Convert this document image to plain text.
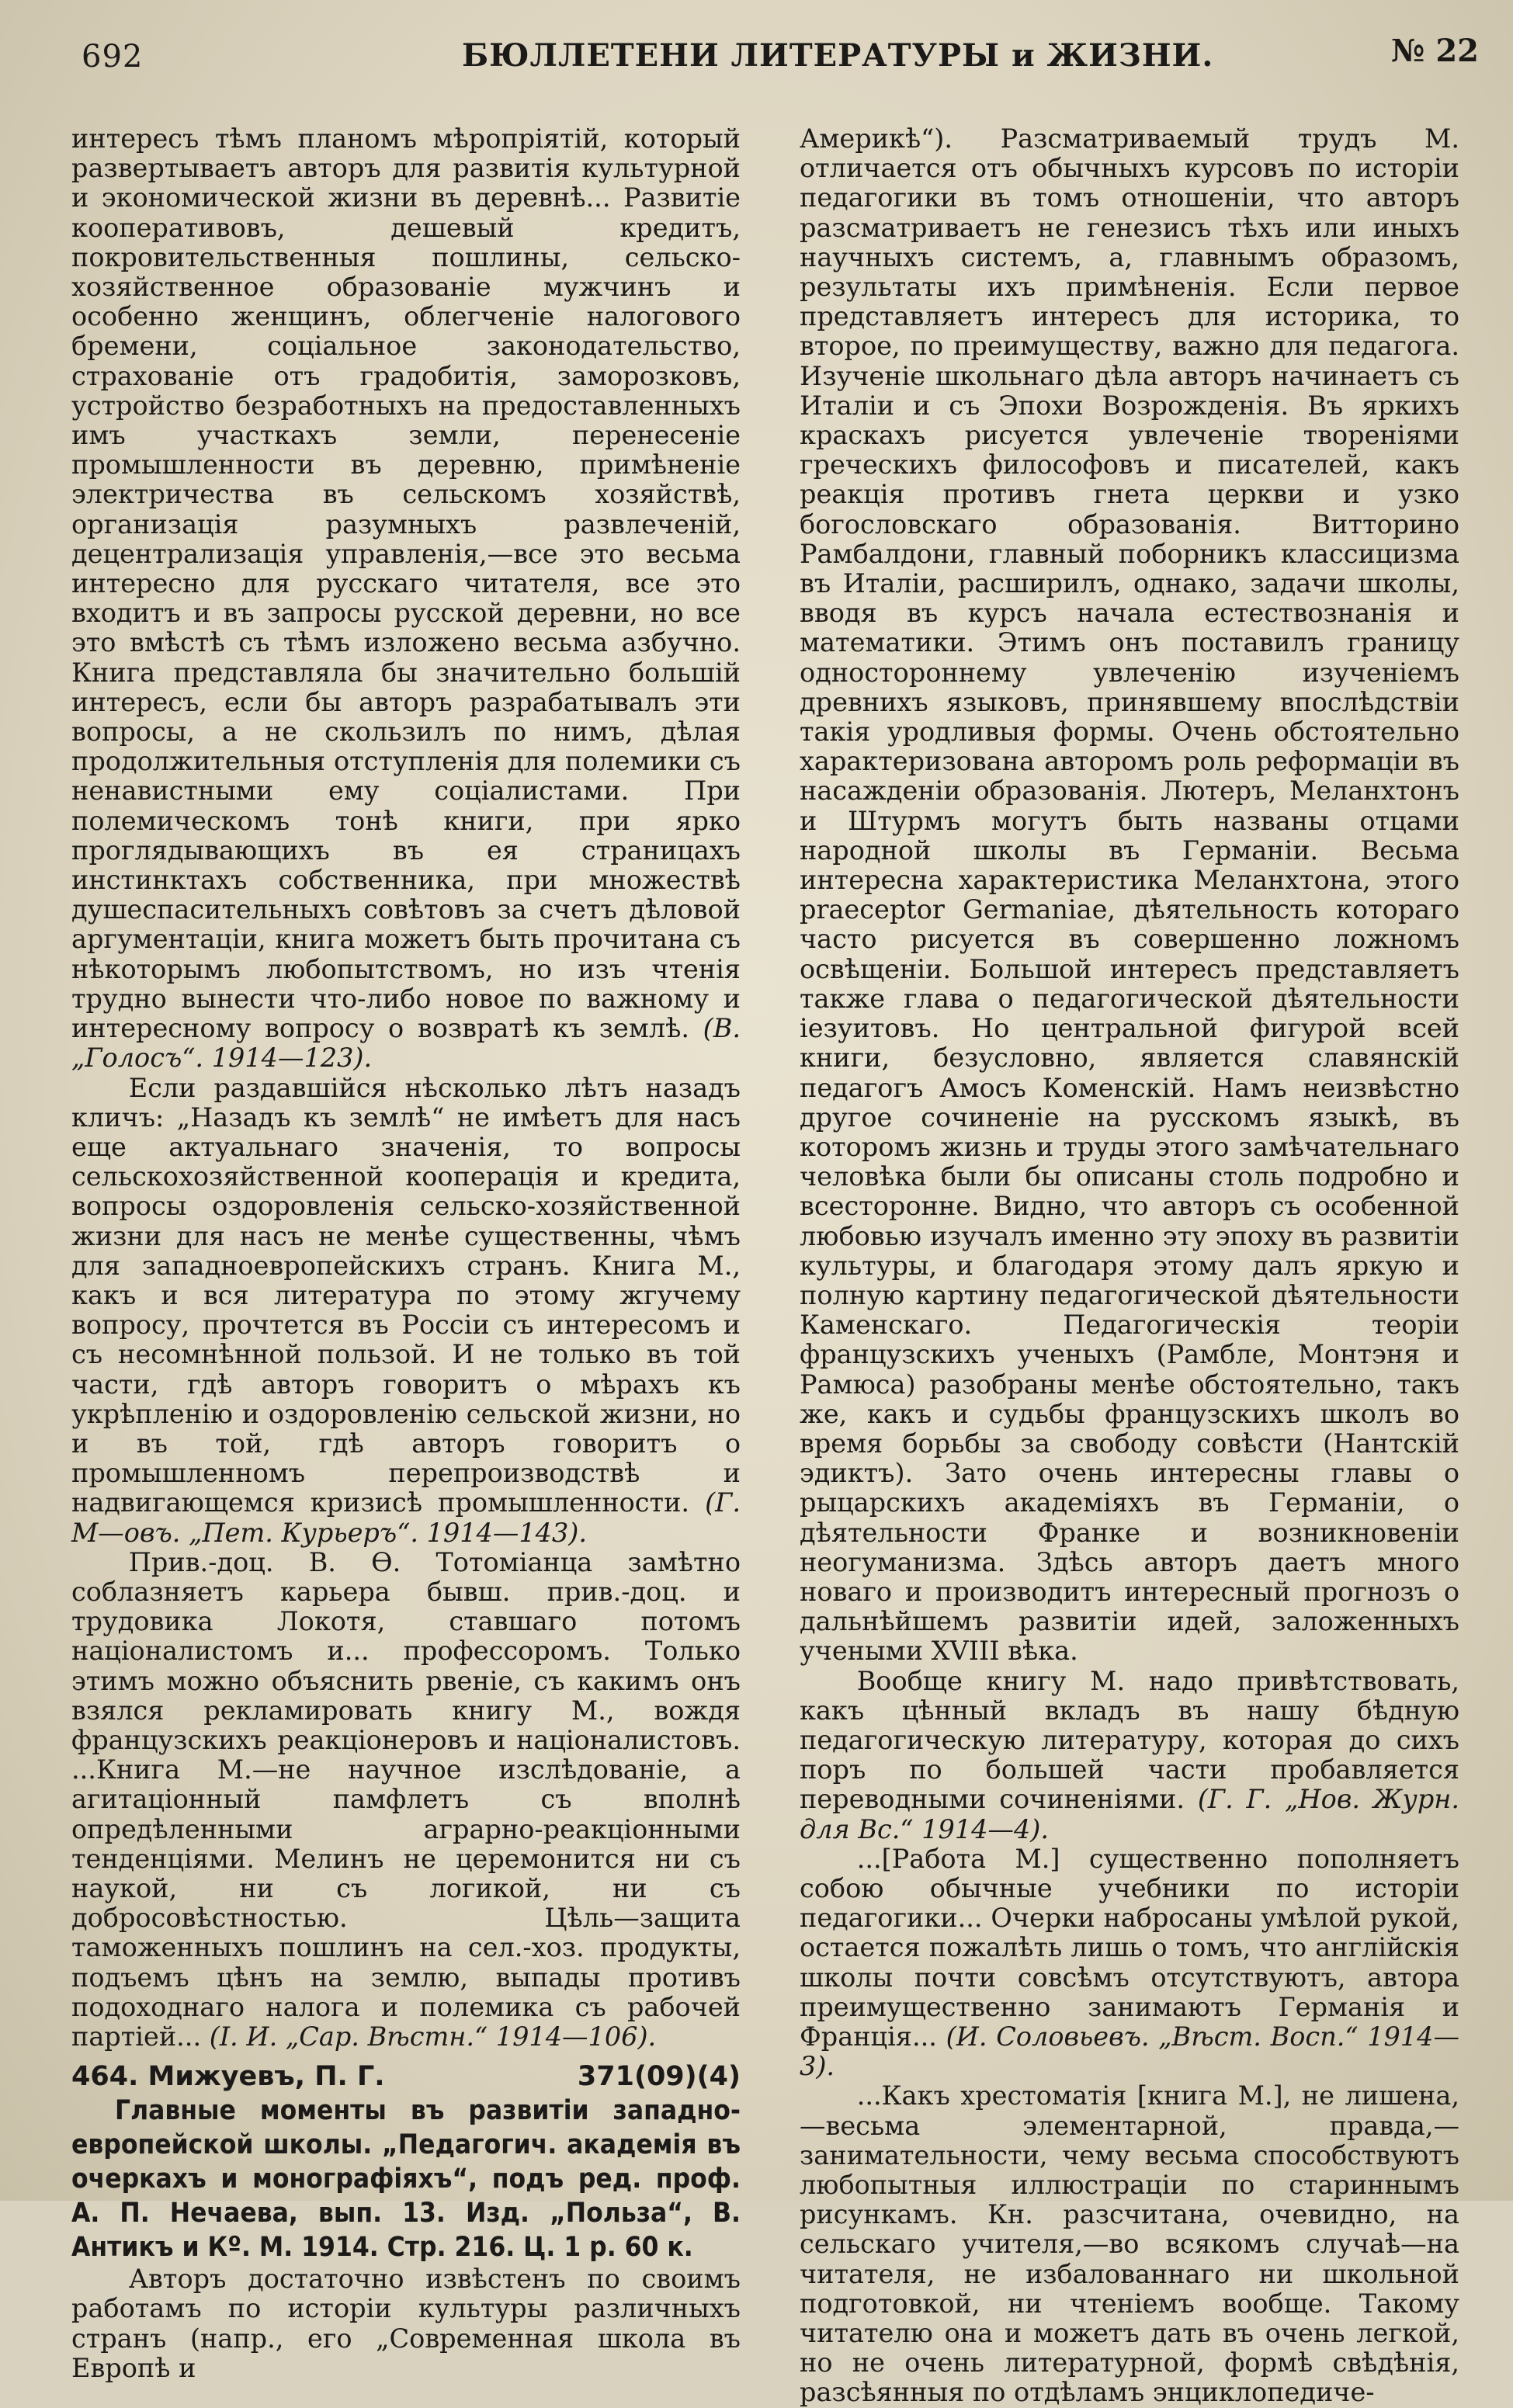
692	БЮЛЛЕТЕНИ ЛИТЕРАТУРЫ и ЖИЗНИ.	№ 22

интересъ тѣмъ планомъ мѣропріятій, который развертываетъ авторъ для развитія культурной и экономической жизни въ деревнѣ... Развитіе кооперативовъ, дешевый кредитъ, покровительственныя пошлины, сельско-хозяйственное образованіе мужчинъ и особенно женщинъ, облегченіе налогового бремени, соціальное законодательство, страхованіе отъ градобитія, заморозковъ, устройство безработныхъ на предоставленныхъ имъ участкахъ земли, перенесеніе промышленности въ деревню, примѣненіе электричества въ сельскомъ хозяйствѣ, организація разумныхъ развлеченій, децентрализація управленія,—все это весьма интересно для русскаго читателя, все это входитъ и въ запросы русской деревни, но все это вмѣстѣ съ тѣмъ изложено весьма азбучно. Книга представляла бы значительно большій интересъ, если бы авторъ разрабатывалъ эти вопросы, а не скользилъ по нимъ, дѣлая продолжительныя отступленія для полемики съ ненавистными ему соціалистами. При полемическомъ тонѣ книги, при ярко проглядывающихъ въ ея страницахъ инстинктахъ собственника, при множествѣ душеспасительныхъ совѣтовъ за счетъ дѣловой аргументаціи, книга можетъ быть прочитана съ нѣкоторымъ любопытствомъ, но изъ чтенія трудно вынести что-либо новое по важному и интересному вопросу о возвратѣ къ землѣ. (В. „Голосъ“. 1914—123).

Если раздавшійся нѣсколько лѣтъ назадъ кличъ: „Назадъ къ землѣ“ не имѣетъ для насъ еще актуальнаго значенія, то вопросы сельскохозяйственной кооперація и кредита, вопросы оздоровленія сельско-хозяйственной жизни для насъ не менѣе существенны, чѣмъ для западноевропейскихъ странъ. Книга М., какъ и вся литература по этому жгучему вопросу, прочтется въ Россіи съ интересомъ и съ несомнѣнной пользой. И не только въ той части, гдѣ авторъ говоритъ о мѣрахъ къ укрѣпленію и оздоровленію сельской жизни, но и въ той, гдѣ авторъ говоритъ о промышленномъ перепроизводствѣ и надвигающемся кризисѣ промышленности. (Г. М—овъ. „Пет. Курьеръ“. 1914—143).

Прив.-доц. В. Ѳ. Тотоміанца замѣтно соблазняетъ карьера бывш. прив.-доц. и трудовика Локотя, ставшаго потомъ націоналистомъ и... профессоромъ. Только этимъ можно объяснить рвеніе, съ какимъ онъ взялся рекламировать книгу М., вождя французскихъ реакціонеровъ и націоналистовъ. ...Книга М.—не научное изслѣдованіе, а агитаціонный памфлетъ съ вполнѣ опредѣленными аграрно-реакціонными тенденціями. Мелинъ не церемонится ни съ наукой, ни съ логикой, ни съ добросовѣстностью. Цѣль—защита таможенныхъ пошлинъ на сел.-хоз. продукты, подъемъ цѣнъ на землю, выпады противъ подоходнаго налога и полемика съ рабочей партіей... (I. И. „Сар. Вѣстн.“ 1914—106).

464. Мижуевъ, П. Г.	371(09)(4)

Главные моменты въ развитіи западно-европейской школы. „Педагогич. академія въ очеркахъ и монографіяхъ“, подъ ред. проф. А. П. Нечаева, вып. 13. Изд. „Польза“, В. Антикъ и Кº. М. 1914. Стр. 216. Ц. 1 р. 60 к.

Авторъ достаточно извѣстенъ по своимъ работамъ по исторіи культуры различныхъ странъ (напр., его „Современная школа въ Европѣ и

Америкѣ“). Разсматриваемый трудъ М. отличается отъ обычныхъ курсовъ по исторіи педагогики въ томъ отношеніи, что авторъ разсматриваетъ не генезисъ тѣхъ или иныхъ научныхъ системъ, а, главнымъ образомъ, результаты ихъ примѣненія. Если первое представляетъ интересъ для историка, то второе, по преимуществу, важно для педагога. Изученіе школьнаго дѣла авторъ начинаетъ съ Италіи и съ Эпохи Возрожденія. Въ яркихъ краскахъ рисуется увлеченіе твореніями греческихъ философовъ и писателей, какъ реакція противъ гнета церкви и узко богословскаго образованія. Витторино Рамбалдони, главный поборникъ классицизма въ Италіи, расширилъ, однако, задачи школы, вводя въ курсъ начала естествознанія и математики. Этимъ онъ поставилъ границу одностороннему увлеченію изученіемъ древнихъ языковъ, принявшему впослѣдствіи такія уродливыя формы. Очень обстоятельно характеризована авторомъ роль реформаціи въ насажденіи образованія. Лютеръ, Меланхтонъ и Штурмъ могутъ быть названы отцами народной школы въ Германіи. Весьма интересна характеристика Меланхтона, этого praeceptor Germaniae, дѣятельность котораго часто рисуется въ совершенно ложномъ освѣщеніи. Большой интересъ представляетъ также глава о педагогической дѣятельности іезуитовъ. Но центральной фигурой всей книги, безусловно, является славянскій педагогъ Амосъ Коменскій. Намъ неизвѣстно другое сочиненіе на русскомъ языкѣ, въ которомъ жизнь и труды этого замѣчательнаго человѣка были бы описаны столь подробно и всесторонне. Видно, что авторъ съ особенной любовью изучалъ именно эту эпоху въ развитіи культуры, и благодаря этому далъ яркую и полную картину педагогической дѣятельности Каменскаго. Педагогическія теоріи французскихъ ученыхъ (Рамбле, Монтэня и Рамюса) разобраны менѣе обстоятельно, такъ же, какъ и судьбы французскихъ школъ во время борьбы за свободу совѣсти (Нантскій эдиктъ). Зато очень интересны главы о рыцарскихъ академіяхъ въ Германіи, о дѣятельности Франке и возникновеніи неогуманизма. Здѣсь авторъ даетъ много новаго и производитъ интересный прогнозъ о дальнѣйшемъ развитіи идей, заложенныхъ учеными XVIII вѣка.

Вообще книгу М. надо привѣтствовать, какъ цѣнный вкладъ въ нашу бѣдную педагогическую литературу, которая до сихъ поръ по большей части пробавляется переводными сочиненіями. (Г. Г. „Нов. Журн. для Вс.“ 1914—4).

...[Работа М.] существенно пополняетъ собою обычные учебники по исторіи педагогики... Очерки набросаны умѣлой рукой, остается пожалѣть лишь о томъ, что англійскія школы почти совсѣмъ отсутствуютъ, автора преимущественно занимаютъ Германія и Франція... (И. Соловьевъ. „Вѣст. Восп.“ 1914—3).

...Какъ хрестоматія [книга М.], не лишена,—весьма элементарной, правда,—занимательности, чему весьма способствуютъ любопытныя иллюстраціи по стариннымъ рисункамъ. Кн. разсчитана, очевидно, на сельскаго учителя,—во всякомъ случаѣ—на читателя, не избалованнаго ни школьной подготовкой, ни чтеніемъ вообще. Такому читателю она и можетъ дать въ очень легкой, но не очень литературной, формѣ свѣдѣнія, разсѣянныя по отдѣламъ энциклопедиче-
